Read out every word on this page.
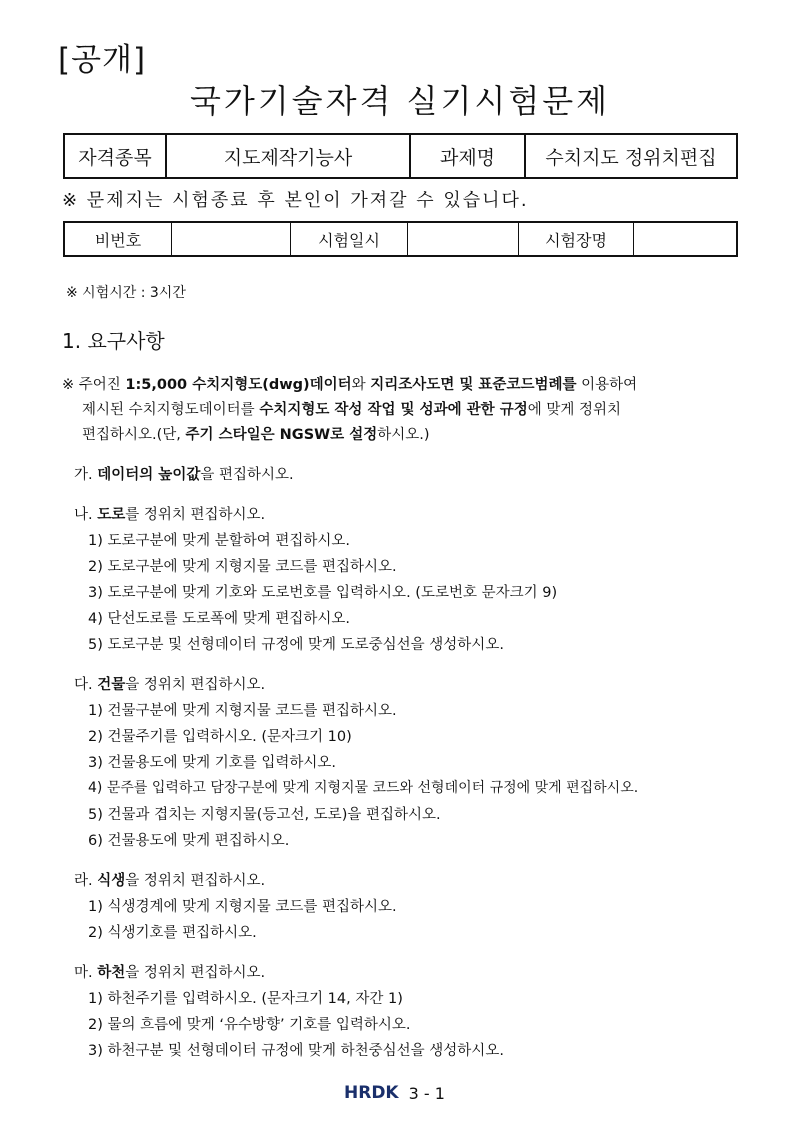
[공개]
국가기술자격 실기시험문제
자격종목	지도제작기능사	과제명	수치지도 정위치편집
※ 문제지는 시험종료 후 본인이 가져갈 수 있습니다.
비번호		시험일시		시험장명	
※ 시험시간 : 3시간
1. 요구사항
※ 주어진 1:5,000 수치지형도(dwg)데이터와 지리조사도면 및 표준코드범례를 이용하여
제시된 수치지형도데이터를 수치지형도 작성 작업 및 성과에 관한 규정에 맞게 정위치
편집하시오.(단, 주기 스타일은 NGSW로 설정하시오.)
가. 데이터의 높이값을 편집하시오.
나. 도로를 정위치 편집하시오.
1) 도로구분에 맞게 분할하여 편집하시오.
2) 도로구분에 맞게 지형지물 코드를 편집하시오.
3) 도로구분에 맞게 기호와 도로번호를 입력하시오. (도로번호 문자크기 9)
4) 단선도로를 도로폭에 맞게 편집하시오.
5) 도로구분 및 선형데이터 규정에 맞게 도로중심선을 생성하시오.
다. 건물을 정위치 편집하시오.
1) 건물구분에 맞게 지형지물 코드를 편집하시오.
2) 건물주기를 입력하시오. (문자크기 10)
3) 건물용도에 맞게 기호를 입력하시오.
4) 문주를 입력하고 담장구분에 맞게 지형지물 코드와 선형데이터 규정에 맞게 편집하시오.
5) 건물과 겹치는 지형지물(등고선, 도로)을 편집하시오.
6) 건물용도에 맞게 편집하시오.
라. 식생을 정위치 편집하시오.
1) 식생경계에 맞게 지형지물 코드를 편집하시오.
2) 식생기호를 편집하시오.
마. 하천을 정위치 편집하시오.
1) 하천주기를 입력하시오. (문자크기 14, 자간 1)
2) 물의 흐름에 맞게 ‘유수방향’ 기호를 입력하시오.
3) 하천구분 및 선형데이터 규정에 맞게 하천중심선을 생성하시오.
HRDK 3 - 1
